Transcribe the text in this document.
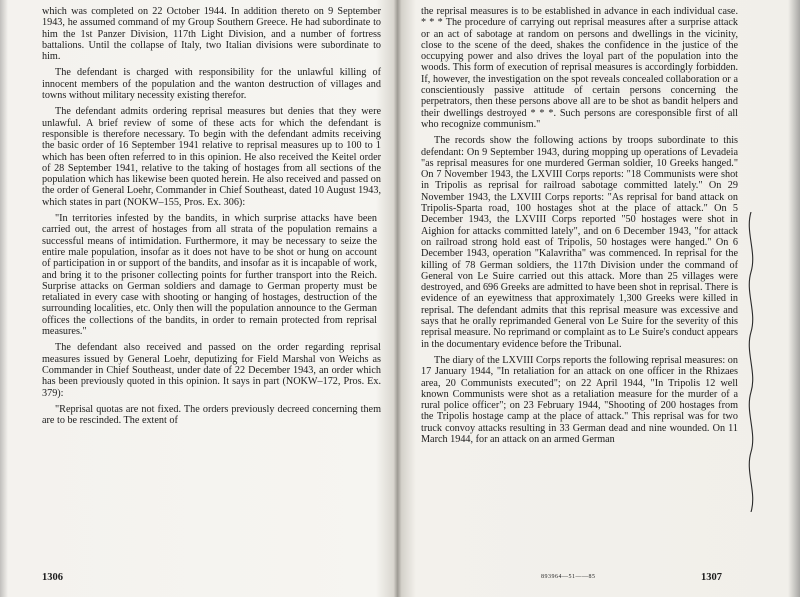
which was completed on 22 October 1944. In addition thereto on 9 September 1943, he assumed command of my Group Southern Greece. He had subordinate to him the 1st Panzer Division, 117th Light Division, and a number of fortress battalions. Until the collapse of Italy, two Italian divisions were subordinate to him.

The defendant is charged with responsibility for the unlawful killing of innocent members of the population and the wanton destruction of villages and towns without military necessity existing therefor.

The defendant admits ordering reprisal measures but denies that they were unlawful. A brief review of some of these acts for which the defendant is responsible is therefore necessary. To begin with the defendant admits receiving the basic order of 16 September 1941 relative to reprisal measures up to 100 to 1 which has been often referred to in this opinion. He also received the Keitel order of 28 September 1941, relative to the taking of hostages from all sections of the population which has likewise been quoted herein. He also received and passed on the order of General Loehr, Commander in Chief Southeast, dated 10 August 1943, which states in part (NOKW–155, Pros. Ex. 306):

"In territories infested by the bandits, in which surprise attacks have been carried out, the arrest of hostages from all strata of the population remains a successful means of intimidation. Furthermore, it may be necessary to seize the entire male population, insofar as it does not have to be shot or hung on account of participation in or support of the bandits, and insofar as it is incapable of work, and bring it to the prisoner collecting points for further transport into the Reich. Surprise attacks on German soldiers and damage to German property must be retaliated in every case with shooting or hanging of hostages, destruction of the surrounding localities, etc. Only then will the population announce to the German offices the collections of the bandits, in order to remain protected from reprisal measures."

The defendant also received and passed on the order regarding reprisal measures issued by General Loehr, deputizing for Field Marshal von Weichs as Commander in Chief Southeast, under date of 22 December 1943, an order which has been previously quoted in this opinion. It says in part (NOKW–172, Pros. Ex. 379):

"Reprisal quotas are not fixed. The orders previously decreed concerning them are to be rescinded. The extent of

1306

the reprisal measures is to be established in advance in each individual case. * * * The procedure of carrying out reprisal measures after a surprise attack or an act of sabotage at random on persons and dwellings in the vicinity, close to the scene of the deed, shakes the confidence in the justice of the occupying power and also drives the loyal part of the population into the woods. This form of execution of reprisal measures is accordingly forbidden. If, however, the investigation on the spot reveals concealed collaboration or a conscientiously passive attitude of certain persons concerning the perpetrators, then these persons above all are to be shot as bandit helpers and their dwellings destroyed * * *. Such persons are coresponsible first of all who recognize communism."

The records show the following actions by troops subordinate to this defendant: On 9 September 1943, during mopping up operations of Levadeia "as reprisal measures for one murdered German soldier, 10 Greeks hanged." On 7 November 1943, the LXVIII Corps reports: "18 Communists were shot in Tripolis as reprisal for railroad sabotage committed lately." On 29 November 1943, the LXVIII Corps reports: "As reprisal for band attack on Tripolis-Sparta road, 100 hostages shot at the place of attack." On 5 December 1943, the LXVIII Corps reported "50 hostages were shot in Aighion for attacks committed lately", and on 6 December 1943, "for attack on railroad strong hold east of Tripolis, 50 hostages were hanged." On 6 December 1943, operation "Kalavritha" was commenced. In reprisal for the killing of 78 German soldiers, the 117th Division under the command of General von Le Suire carried out this attack. More than 25 villages were destroyed, and 696 Greeks are admitted to have been shot in reprisal. There is evidence of an eyewitness that approximately 1,300 Greeks were killed in reprisal. The defendant admits that this reprisal measure was excessive and says that he orally reprimanded General von Le Suire for the severity of this reprisal measure. No reprimand or complaint as to Le Suire's conduct appears in the documentary evidence before the Tribunal.

The diary of the LXVIII Corps reports the following reprisal measures: on 17 January 1944, "In retaliation for an attack on one officer in the Rhizaes area, 20 Communists executed"; on 22 April 1944, "In Tripolis 12 well known Communists were shot as a retaliation measure for the murder of a rural police officer"; on 23 February 1944, "Shooting of 200 hostages from the Tripolis hostage camp at the place of attack." This reprisal was for two truck convoy attacks resulting in 33 German dead and nine wounded. On 11 March 1944, for an attack on an armed German

893964—51——85	1307
